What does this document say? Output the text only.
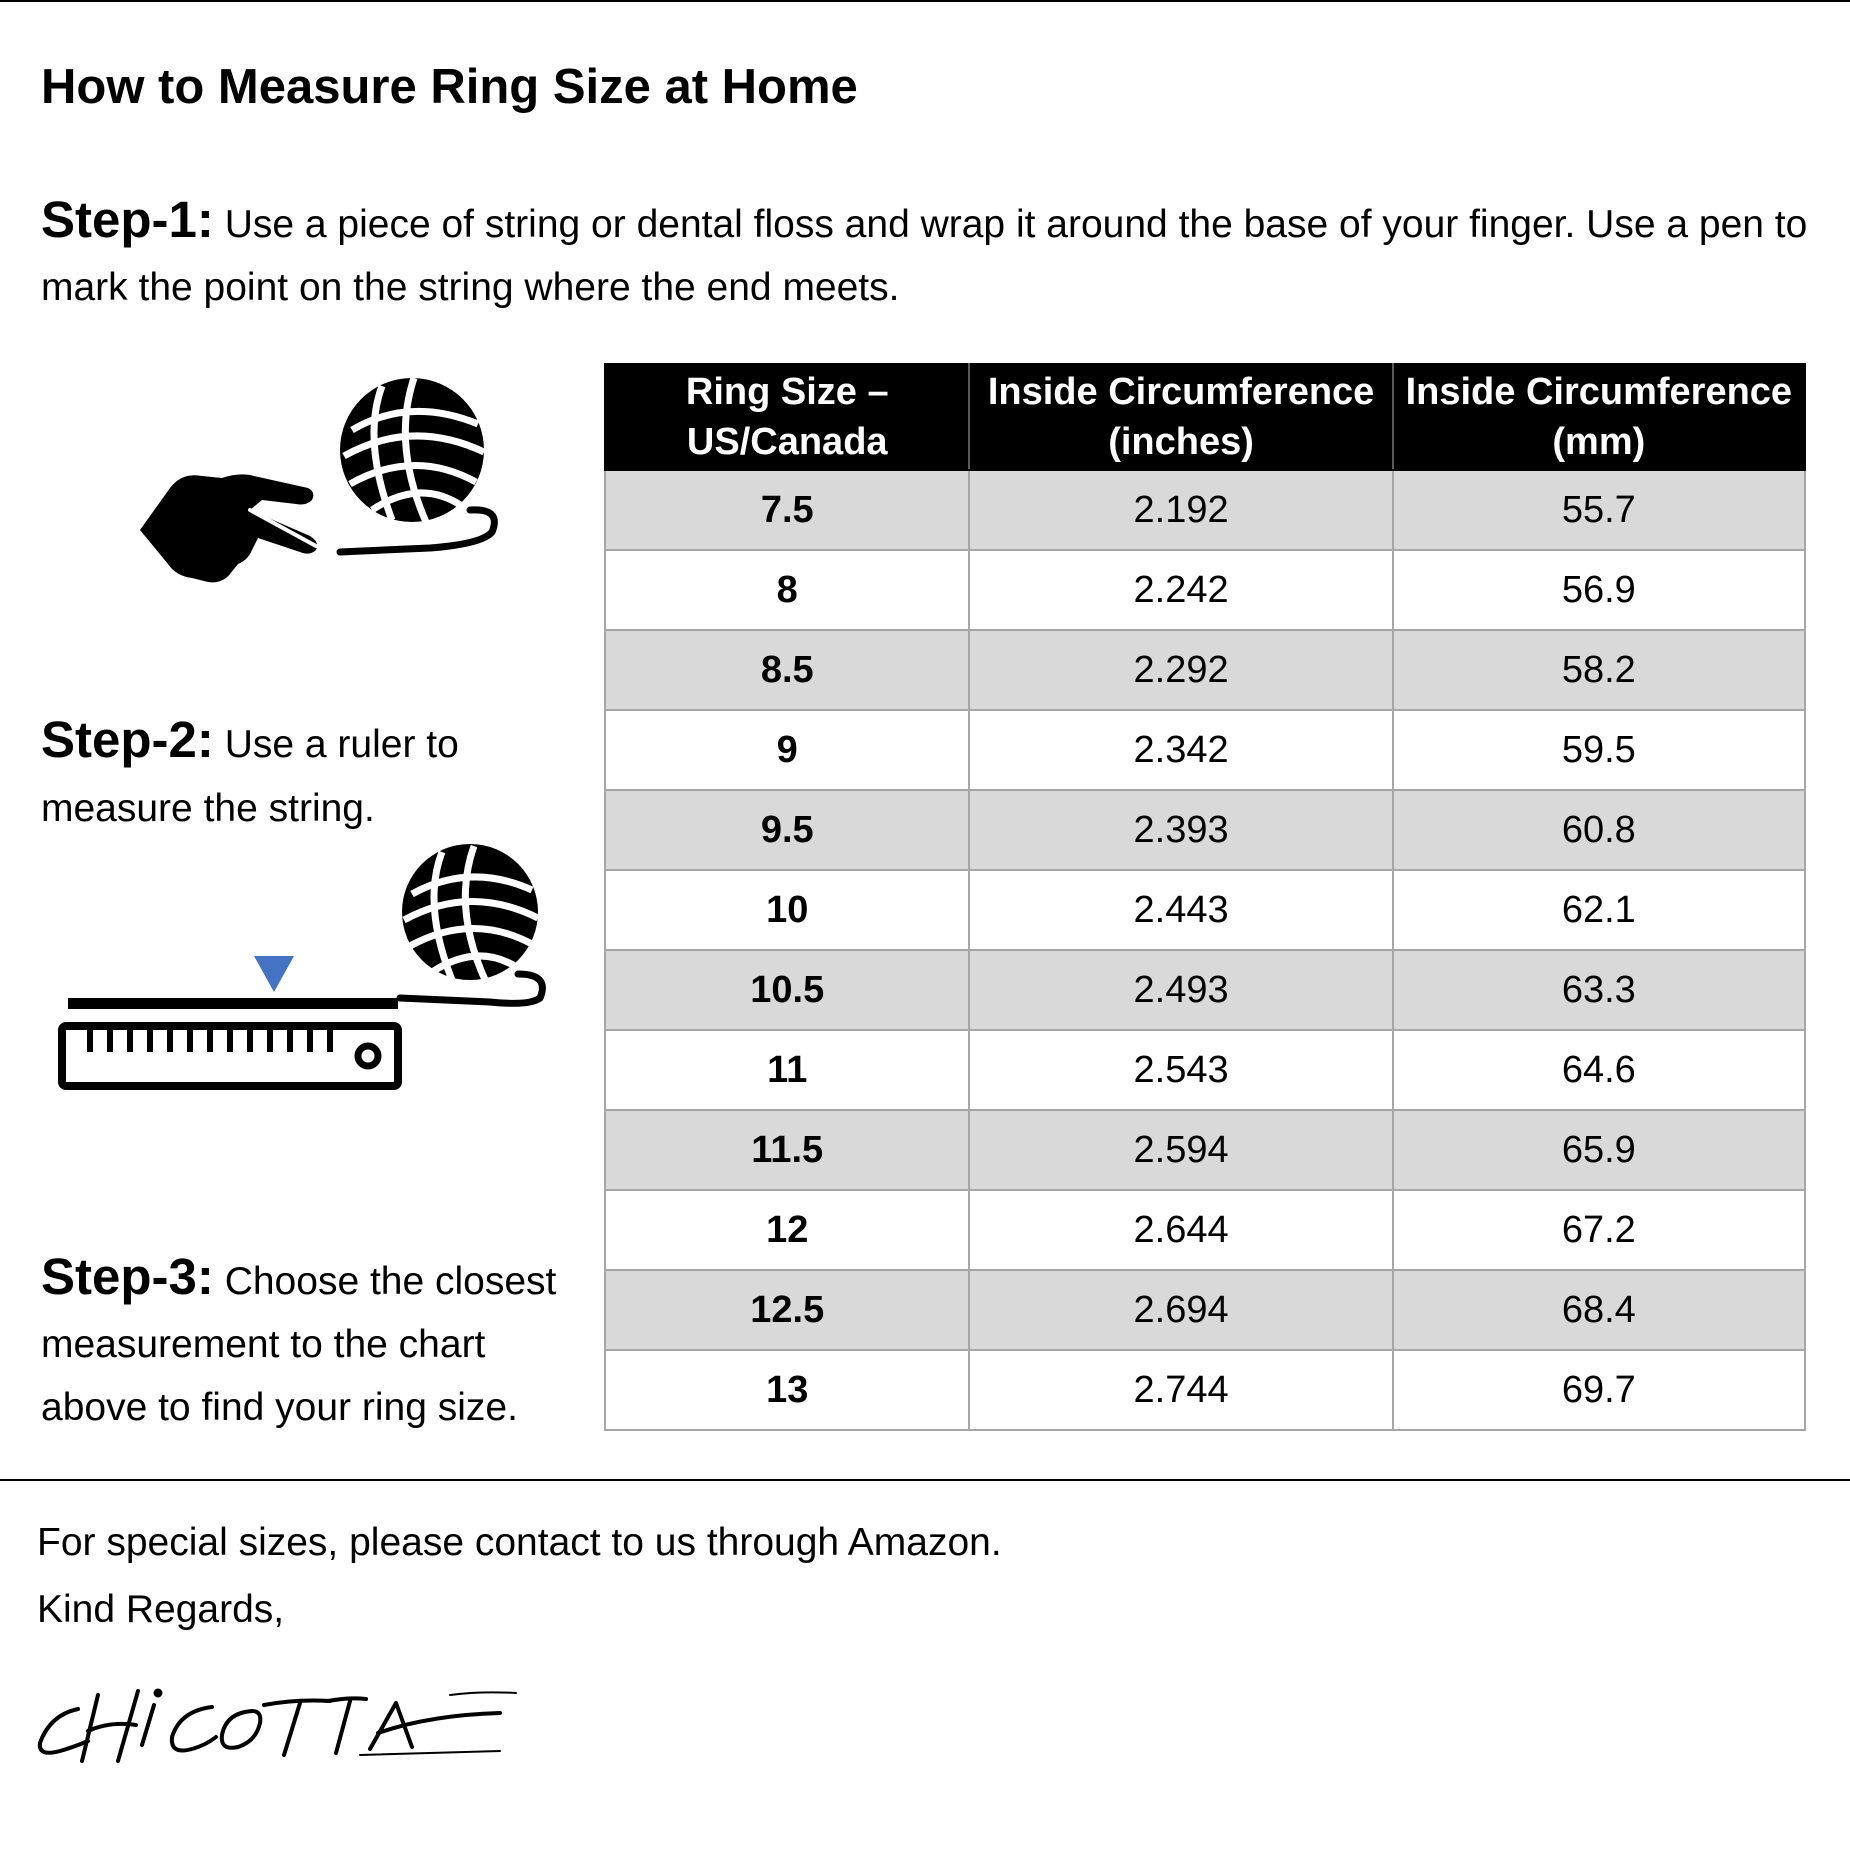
How to Measure Ring Size at Home
Step-1: Use a piece of string or dental floss and wrap it around the base of your finger. Use a pen to mark the point on the string where the end meets.
Step-2: Use a ruler to measure the string.
Step-3: Choose the closest measurement to the chart above to find your ring size.
Ring Size – US/Canada	Inside Circumference (inches)	Inside Circumference (mm)
7.5	2.192	55.7
8	2.242	56.9
8.5	2.292	58.2
9	2.342	59.5
9.5	2.393	60.8
10	2.443	62.1
10.5	2.493	63.3
11	2.543	64.6
11.5	2.594	65.9
12	2.644	67.2
12.5	2.694	68.4
13	2.744	69.7
For special sizes, please contact to us through Amazon.
Kind Regards,
